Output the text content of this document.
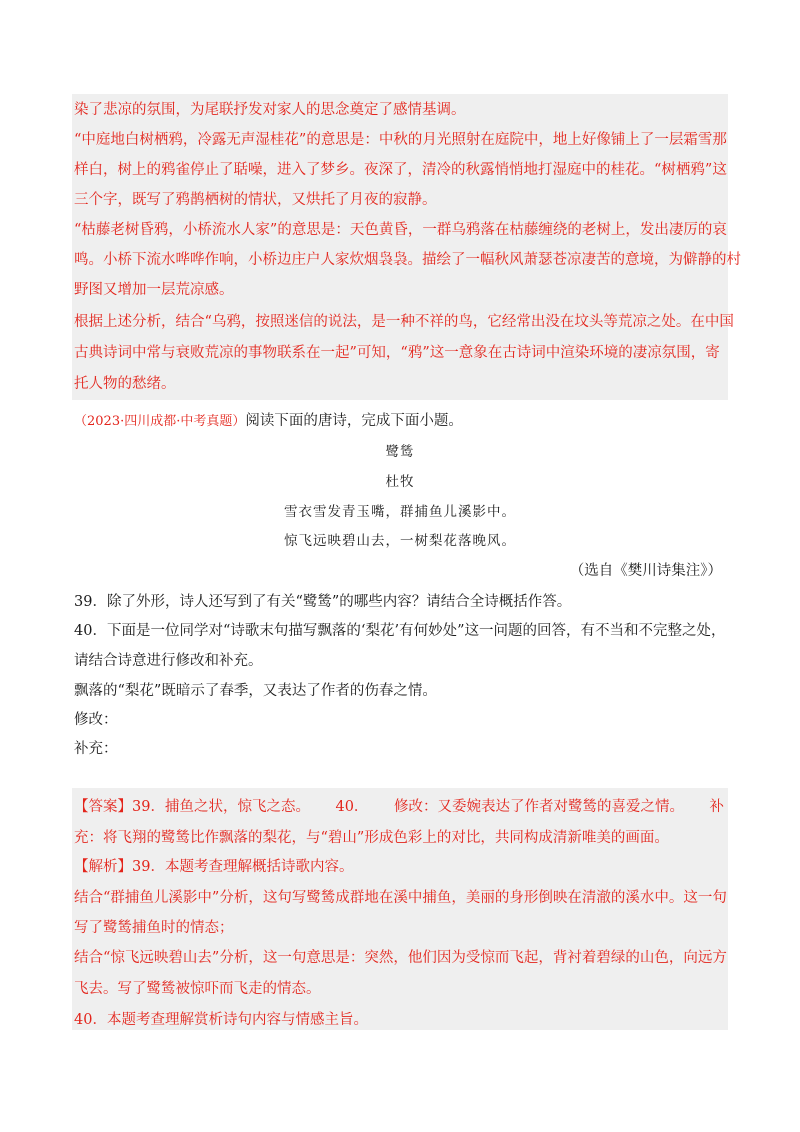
染了悲凉的氛围，为尾联抒发对家人的思念奠定了感情基调。
“中庭地白树栖鸦，冷露无声湿桂花”的意思是：中秋的月光照射在庭院中，地上好像铺上了一层霜雪那
样白，树上的鸦雀停止了聒噪，进入了梦乡。夜深了，清冷的秋露悄悄地打湿庭中的桂花。“树栖鸦”这
三个字，既写了鸦鹊栖树的情状，又烘托了月夜的寂静。
“枯藤老树昏鸦，小桥流水人家”的意思是：天色黄昏，一群乌鸦落在枯藤缠绕的老树上，发出凄厉的哀
鸣。小桥下流水哗哗作响，小桥边庄户人家炊烟袅袅。描绘了一幅秋风萧瑟苍凉凄苦的意境，为僻静的村
野图又增加一层荒凉感。
根据上述分析，结合“乌鸦，按照迷信的说法，是一种不祥的鸟，它经常出没在坟头等荒凉之处。在中国
古典诗词中常与衰败荒凉的事物联系在一起”可知，“鸦”这一意象在古诗词中渲染环境的凄凉氛围，寄
托人物的愁绪。
（2023·四川成都·中考真题）阅读下面的唐诗，完成下面小题。
鹭鸶
杜牧
雪衣雪发青玉嘴，群捕鱼儿溪影中。
惊飞远映碧山去，一树梨花落晚风。
（选自《樊川诗集注》）
39．除了外形，诗人还写到了有关“鹭鸶”的哪些内容？请结合全诗概括作答。
40．下面是一位同学对“诗歌末句描写飘落的‘梨花’有何妙处”这一问题的回答，有不当和不完整之处，
请结合诗意进行修改和补充。
飘落的“梨花”既暗示了春季，又表达了作者的伤春之情。
修改：
补充：
【答案】39．捕鱼之状，惊飞之态。 40． 修改：又委婉表达了作者对鹭鸶的喜爱之情。 补
充：将飞翔的鹭鸶比作飘落的梨花，与“碧山”形成色彩上的对比，共同构成清新唯美的画面。
【解析】39．本题考查理解概括诗歌内容。
结合“群捕鱼儿溪影中”分析，这句写鹭鸶成群地在溪中捕鱼，美丽的身形倒映在清澈的溪水中。这一句
写了鹭鸶捕鱼时的情态；
结合“惊飞远映碧山去”分析，这一句意思是：突然，他们因为受惊而飞起，背衬着碧绿的山色，向远方
飞去。写了鹭鸶被惊吓而飞走的情态。
40．本题考查理解赏析诗句内容与情感主旨。
